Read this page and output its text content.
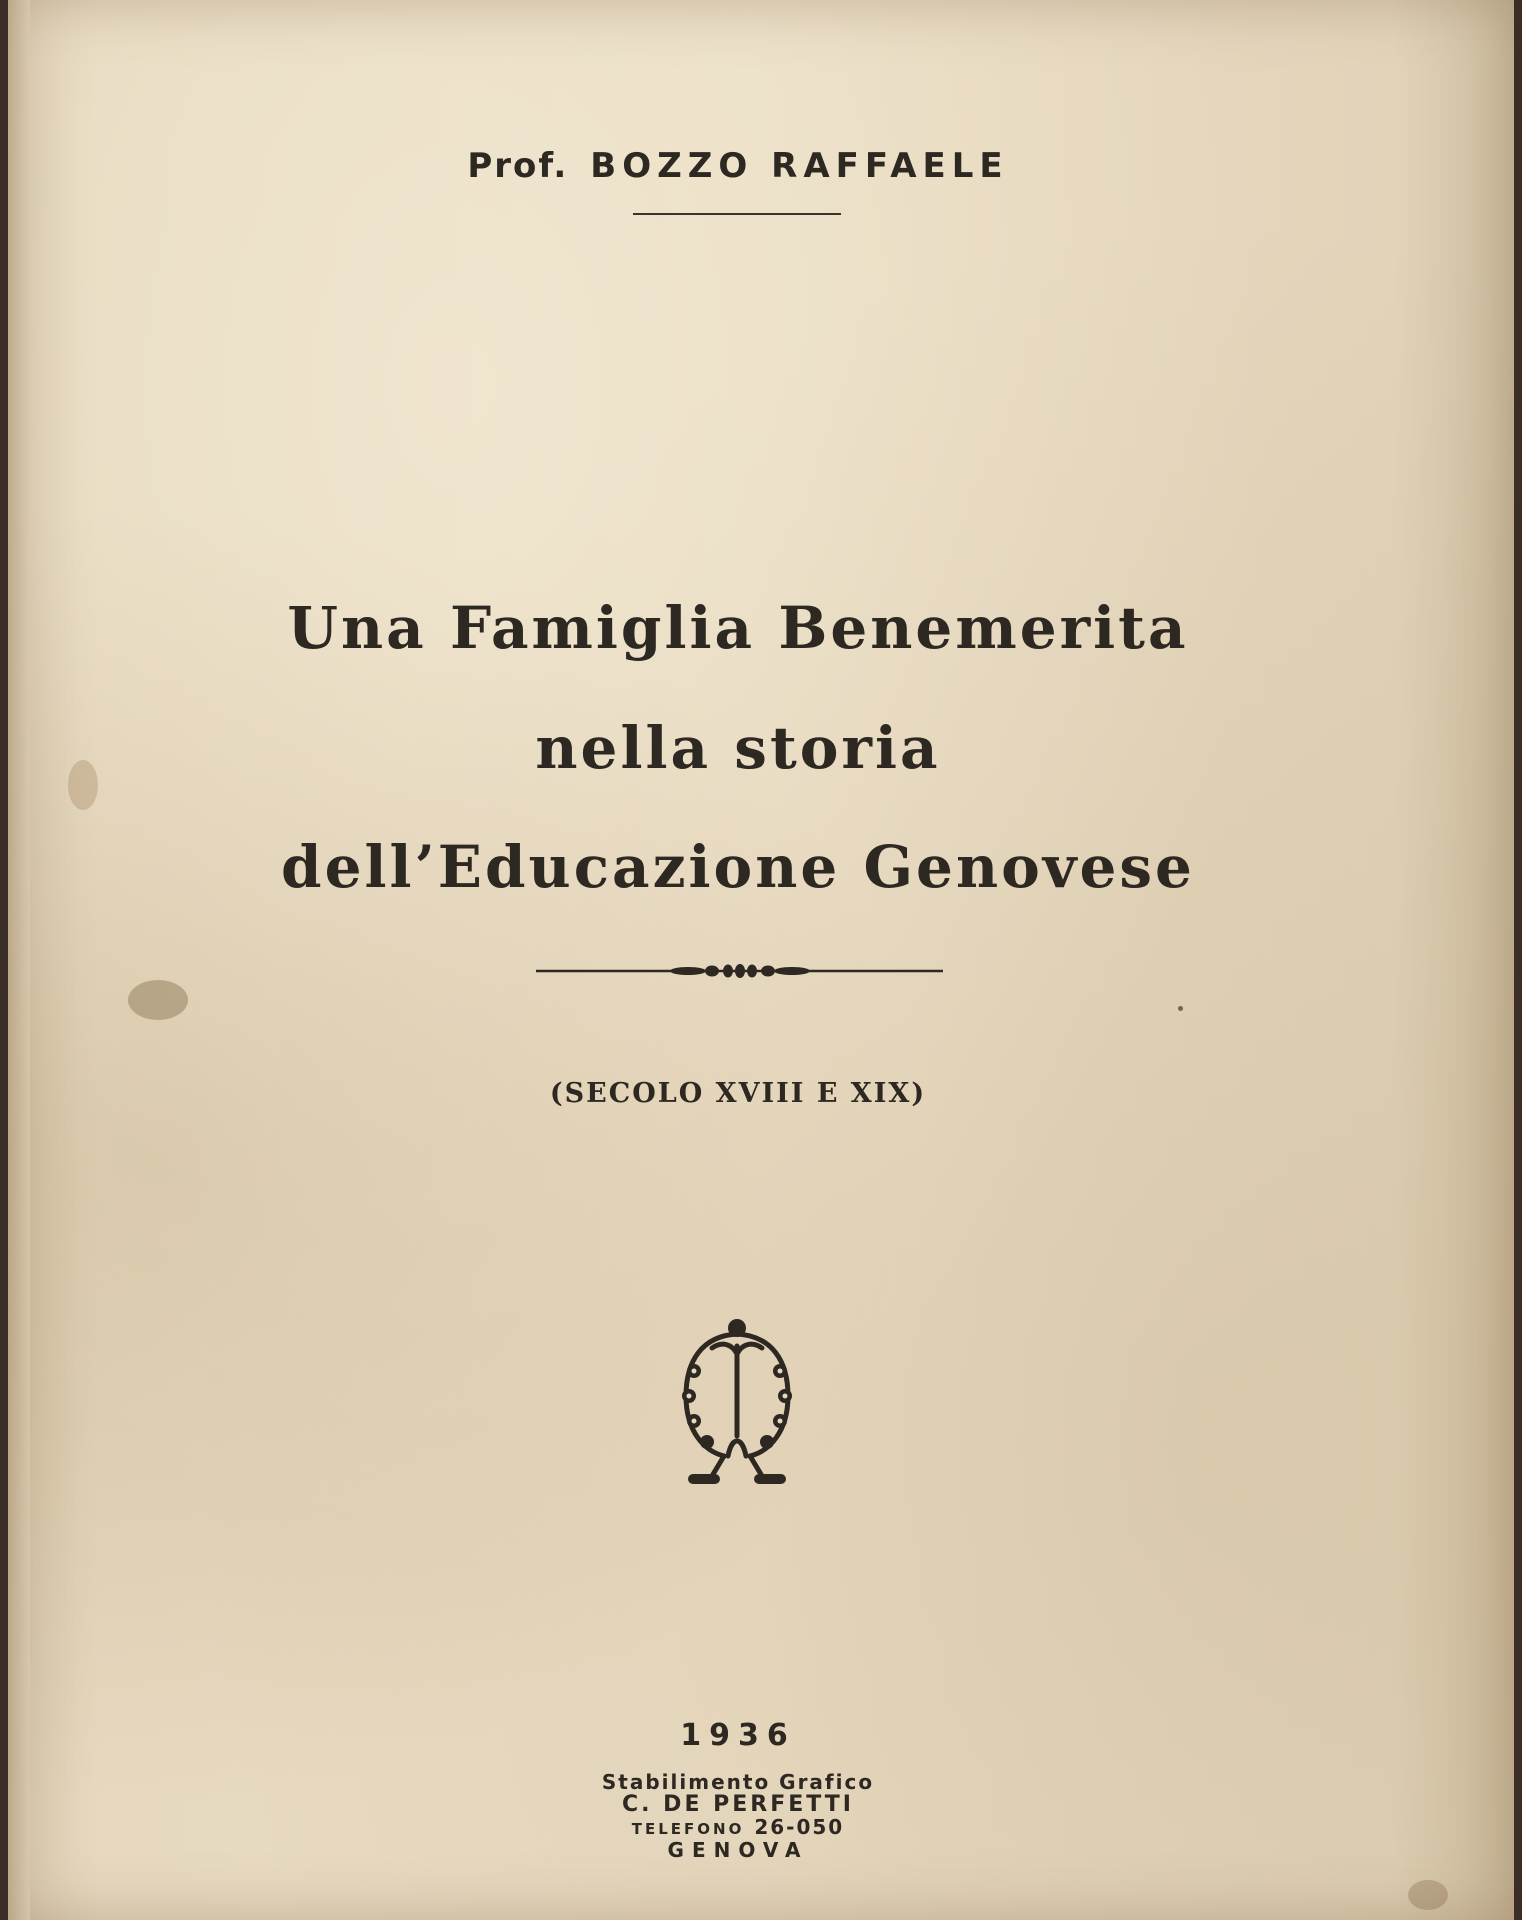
Prof. BOZZO RAFFAELE
Una Famiglia Benemerita
nella storia
dell’Educazione Genovese
(SECOLO XVIII E XIX)
1936
Stabilimento Grafico
C. DE PERFETTI
TELEFONO 26-050
GENOVA
